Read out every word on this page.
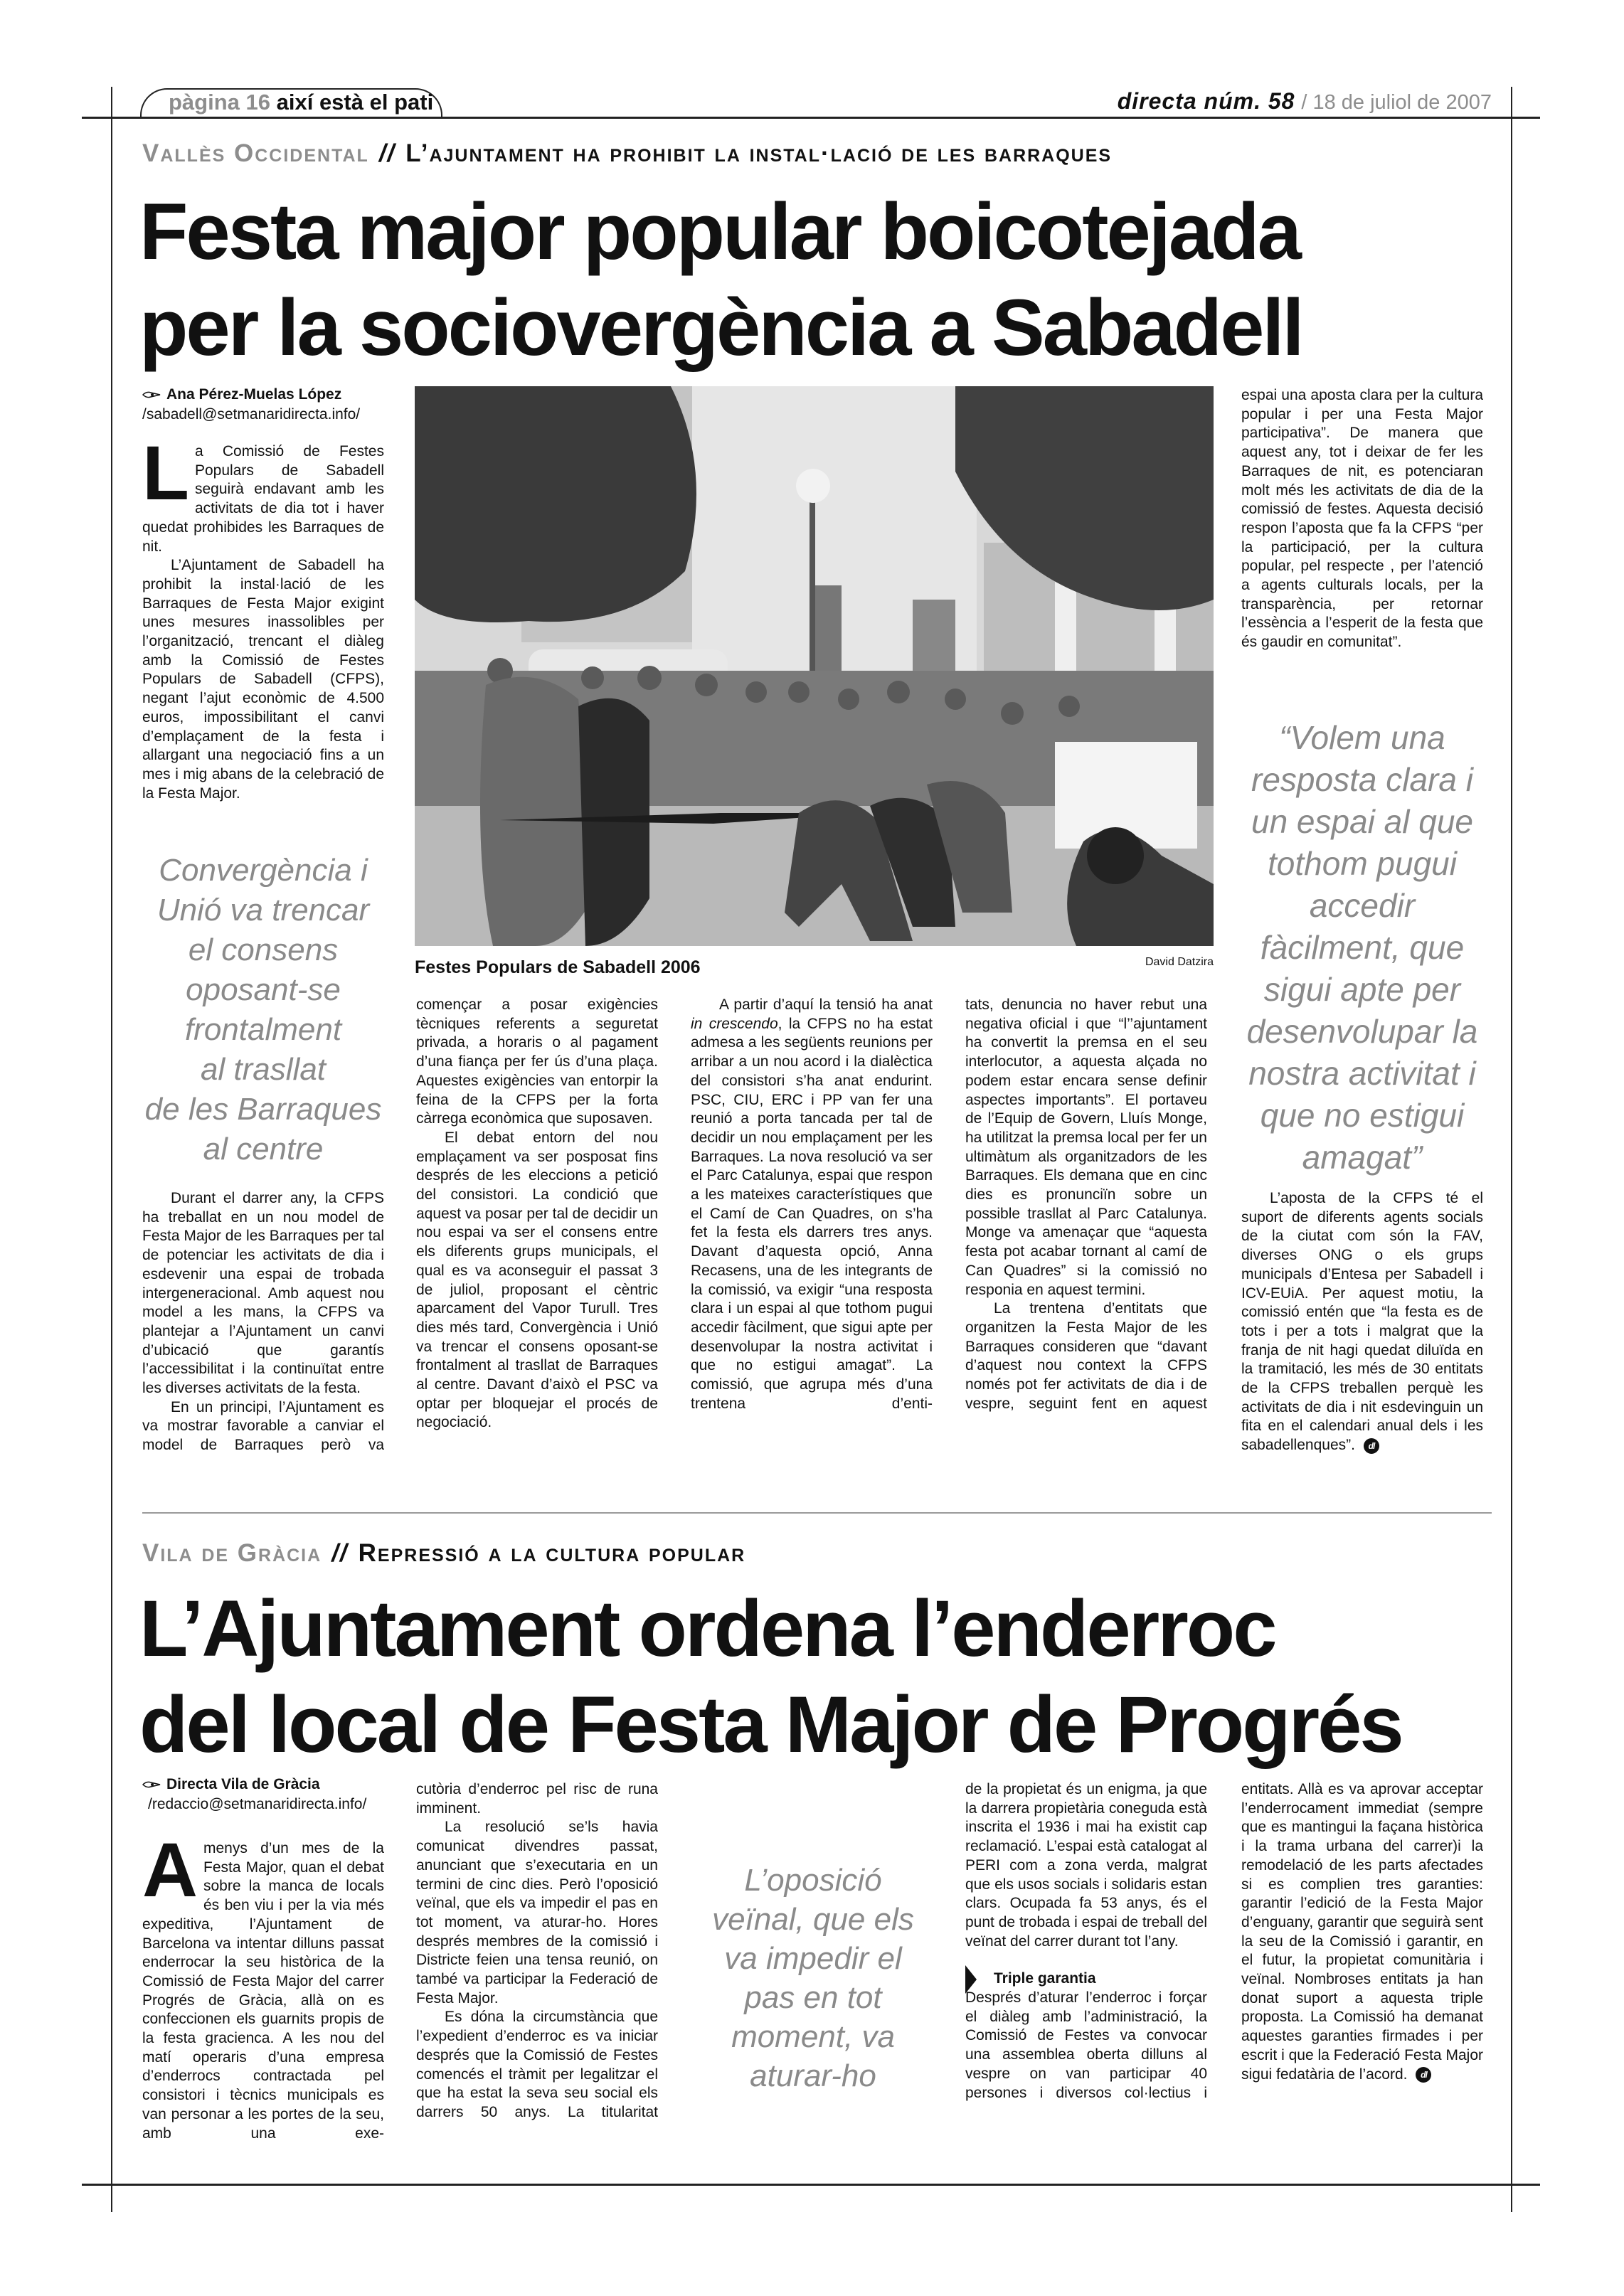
pàgina 16 així està el pati	directa núm. 58 / 18 de juliol de 2007
Vallès Occidental // L’ajuntament ha prohibit la instal·lació de les barraques
Festa major popular boicotejada
per la sociovergència a Sabadell
Ana Pérez-Muelas López
/sabadell@setmanaridirecta.info/

La Comissió de Festes Populars de Sabadell seguirà endavant amb les activitats de dia tot i haver quedat prohibides les Barraques de nit.

L’Ajuntament de Sabadell ha prohibit la instal·lació de les Barraques de Festa Major exigint unes mesures inassolibles per l’organització, trencant el diàleg amb la Comissió de Festes Populars de Sabadell (CFPS), negant l’ajut econòmic de 4.500 euros, impossibilitant el canvi d’emplaçament de la festa i allargant una negociació fins a un mes i mig abans de la celebració de la Festa Major.

Convergència i
Unió va trencar
el consens
oposant-se
frontalment
al trasllat
de les Barraques
al centre

Durant el darrer any, la CFPS ha treballat en un nou model de Festa Major de les Barraques per tal de potenciar les activitats de dia i esdevenir una espai de trobada intergeneracional. Amb aquest nou model a les mans, la CFPS va plantejar a l’Ajuntament un canvi d’ubicació que garantís l’accessibilitat i la continuïtat entre les diverses activitats de la festa.

En un principi, l’Ajuntament es va mostrar favorable a canviar el model de Barraques però va

Festes Populars de Sabadell 2006	David Datzira

començar a posar exigències tècniques referents a seguretat privada, a horaris o al pagament d’una fiança per fer ús d’una plaça. Aquestes exigències van entorpir la feina de la CFPS per la forta càrrega econòmica que suposaven.

El debat entorn del nou emplaçament va ser posposat fins després de les eleccions a petició del consistori. La condició que aquest va posar per tal de decidir un nou espai va ser el consens entre els diferents grups municipals, el qual es va aconseguir el passat 3 de juliol, proposant el cèntric aparcament del Vapor Turull. Tres dies més tard, Convergència i Unió va trencar el consens oposant-se frontalment al trasllat de Barraques al centre. Davant d’això el PSC va optar per bloquejar el procés de negociació.

A partir d’aquí la tensió ha anat in crescendo, la CFPS no ha estat admesa a les següents reunions per arribar a un nou acord i la dialèctica del consistori s’ha anat endurint. PSC, CIU, ERC i PP van fer una reunió a porta tancada per tal de decidir un nou emplaçament per les Barraques. La nova resolució va ser el Parc Catalunya, espai que respon a les mateixes característiques que el Camí de Can Quadres, on s’ha fet la festa els darrers tres anys. Davant d’aquesta opció, Anna Recasens, una de les integrants de la comissió, va exigir “una resposta clara i un espai al que tothom pugui accedir fàcilment, que sigui apte per desenvolupar la nostra activitat i que no estigui amagat”. La comissió, que agrupa més d’una trentena d’enti-

tats, denuncia no haver rebut una negativa oficial i que “l’’ajuntament ha convertit la premsa en el seu interlocutor, a aquesta alçada no podem estar encara sense definir aspectes importants”. El portaveu de l’Equip de Govern, Lluís Monge, ha utilitzat la premsa local per fer un ultimàtum als organitzadors de les Barraques. Els demana que en cinc dies es pronunciïn sobre un possible trasllat al Parc Catalunya. Monge va amenaçar que “aquesta festa pot acabar tornant al camí de Can Quadres” si la comissió no responia en aquest termini.

La trentena d’entitats que organitzen la Festa Major de les Barraques consideren que “davant d’aquest nou context la CFPS només pot fer activitats de dia i de vespre, seguint fent en aquest

espai una aposta clara per la cultura popular i per una Festa Major participativa”. De manera que aquest any, tot i deixar de fer les Barraques de nit, es potenciaran molt més les activitats de dia de la comissió de festes. Aquesta decisió respon l’aposta que fa la CFPS “per la participació, per la cultura popular, pel respecte , per l’atenció a agents culturals locals, per la transparència, per retornar l’essència a l’esperit de la festa que és gaudir en comunitat”.

“Volem una
resposta clara i
un espai al que
tothom pugui
accedir
fàcilment, que
sigui apte per
desenvolupar la
nostra activitat i
que no estigui
amagat”

L’aposta de la CFPS té el suport de diferents agents socials de la ciutat com són la FAV, diverses ONG o els grups municipals d’Entesa per Sabadell i ICV-EUiA. Per aquest motiu, la comissió entén que “la festa es de tots i per a tots i malgrat que la franja de nit hagi quedat diluïda en la tramitació, les més de 30 entitats de la CFPS treballen perquè les activitats de dia i nit esdevinguin un fita en el calendari anual dels i les sabadellenques”. dl

Vila de Gràcia // Repressió a la cultura popular
L’Ajuntament ordena l’enderroc
del local de Festa Major de Progrés
Directa Vila de Gràcia
/redaccio@setmanaridirecta.info/

Amenys d’un mes de la Festa Major, quan el debat sobre la manca de locals és ben viu i per la via més expeditiva, l’Ajuntament de Barcelona va intentar dilluns passat enderrocar la seu històrica de la Comissió de Festa Major del carrer Progrés de Gràcia, allà on es confeccionen els guarnits propis de la festa gracienca. A les nou del matí operaris d’una empresa d’enderrocs contractada pel consistori i tècnics municipals es van personar a les portes de la seu, amb una exe-

cutòria d’enderroc pel risc de runa imminent.

La resolució se’ls havia comunicat divendres passat, anunciant que s’executaria en un termini de cinc dies. Però l’oposició veïnal, que els va impedir el pas en tot moment, va aturar-ho. Hores després membres de la comissió i Districte feien una tensa reunió, on també va participar la Federació de Festa Major.

Es dóna la circumstància que l’expedient d’enderroc es va iniciar després que la Comissió de Festes comencés el tràmit per legalitzar el que ha estat la seva seu social els darrers 50 anys. La titularitat

L’oposició
veïnal, que els
va impedir el
pas en tot
moment, va
aturar-ho

de la propietat és un enigma, ja que la darrera propietària coneguda està inscrita el 1936 i mai ha existit cap reclamació. L’espai està catalogat al PERI com a zona verda, malgrat que els usos socials i solidaris estan clars. Ocupada fa 53 anys, és el punt de trobada i espai de treball del veïnat del carrer durant tot l’any.

Triple garantia

Després d’aturar l’enderroc i forçar el diàleg amb l’administració, la Comissió de Festes va convocar una assemblea oberta dilluns al vespre on van participar 40 persones i diversos col·lectius i

entitats. Allà es va aprovar acceptar l’enderrocament immediat (sempre que es mantingui la façana històrica i la trama urbana del carrer)i la remodelació de les parts afectades si es complien tres garanties: garantir l’edició de la Festa Major d’enguany, garantir que seguirà sent la seu de la Comissió i garantir, en el futur, la propietat comunitària i veïnal. Nombroses entitats ja han donat suport a aquesta triple proposta. La Comissió ha demanat aquestes garanties firmades i per escrit i que la Federació Festa Major sigui fedatària de l’acord. dl
